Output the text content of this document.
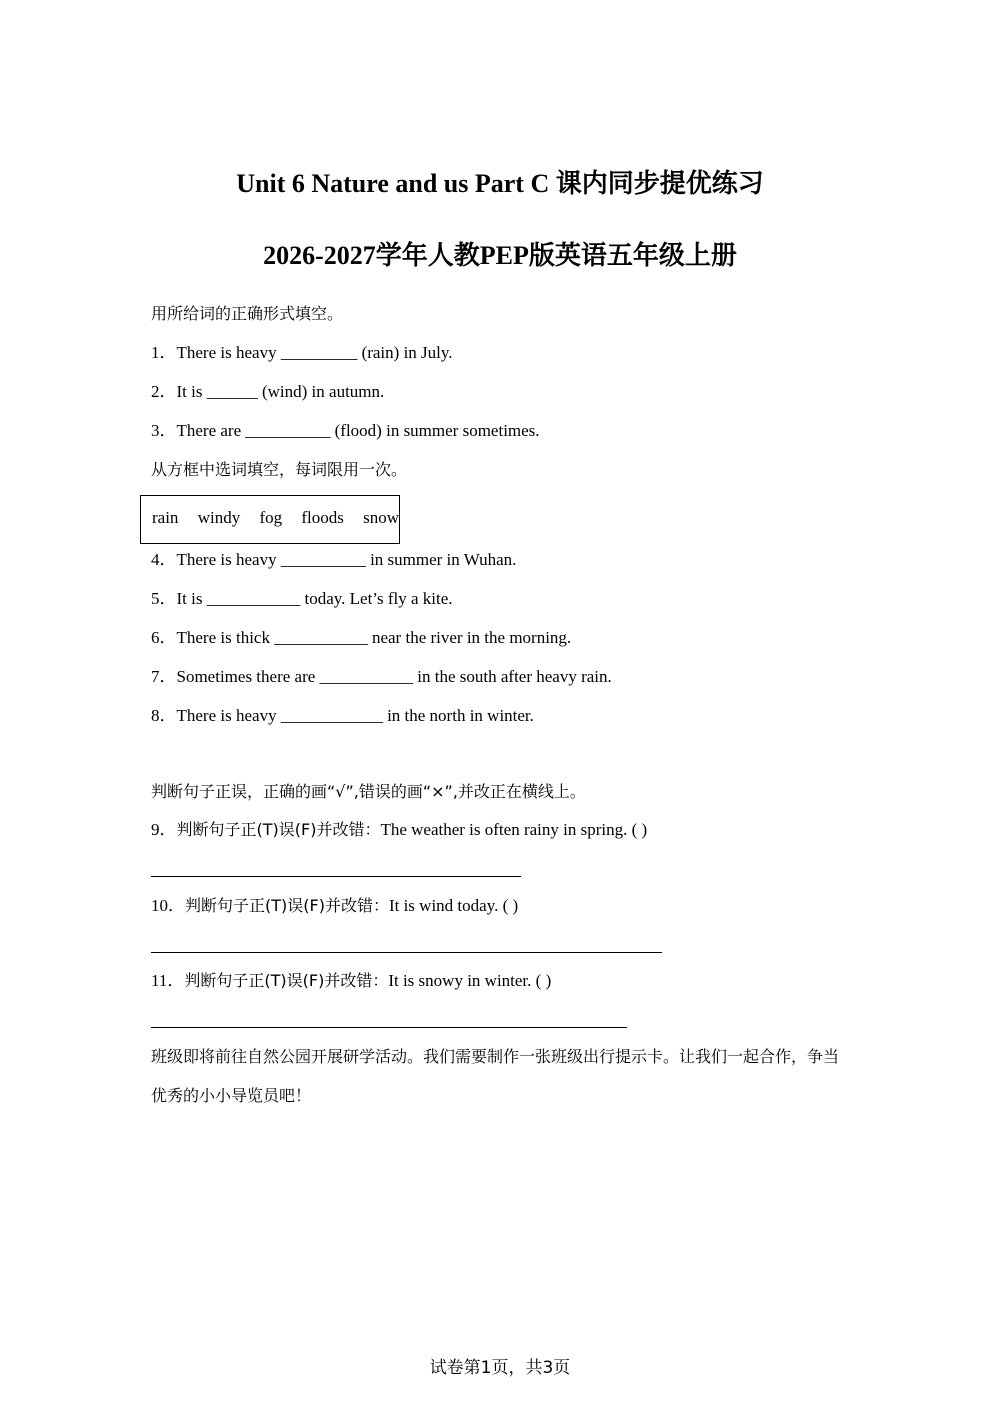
Unit 6 Nature and us Part C 课内同步提优练习
2026-2027学年人教PEP版英语五年级上册
用所给词的正确形式填空。
1．There is heavy _________ (rain) in July.
2．It is ______ (wind) in autumn.
3．There are __________ (flood) in summer sometimes.
从方框中选词填空，每词限用一次。
rain windy fog floods snow
4．There is heavy __________ in summer in Wuhan.
5．It is ___________ today. Let’s fly a kite.
6．There is thick ___________ near the river in the morning.
7．Sometimes there are ___________ in the south after heavy rain.
8．There is heavy ____________ in the north in winter.
判断句子正误，正确的画“√”,错误的画“×”,并改正在横线上。
9．判断句子正(T)误(F)并改错：The weather is often rainy in spring. ( )
10．判断句子正(T)误(F)并改错：It is wind today. ( )
11．判断句子正(T)误(F)并改错：It is snowy in winter. ( )
班级即将前往自然公园开展研学活动。我们需要制作一张班级出行提示卡。让我们一起合作，争当优秀的小小导览员吧！
试卷第1页，共3页
